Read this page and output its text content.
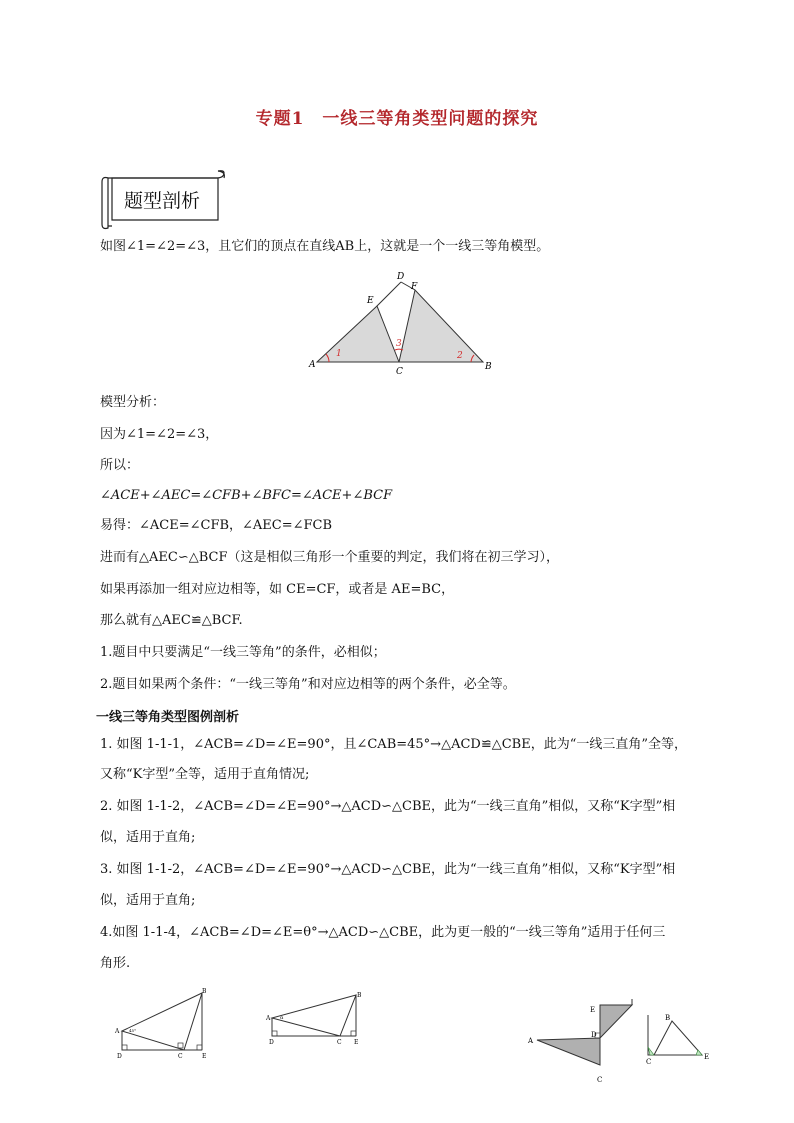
专题1　一线三等角类型问题的探究
题型剖析
如图∠1=∠2=∠3，且它们的顶点在直线AB上，这就是一个一线三等角模型。
A	B
C
D
E
F
1	2
3
模型分析：
因为∠1=∠2=∠3，
所以：
∠ACE+∠AEC=∠CFB+∠BFC=∠ACE+∠BCF
易得：∠ACE=∠CFB，∠AEC=∠FCB
进而有△AEC∽△BCF（这是相似三角形一个重要的判定，我们将在初三学习），
如果再添加一组对应边相等，如 CE=CF，或者是 AE=BC，
那么就有△AEC≌△BCF.
1.题目中只要满足“一线三等角”的条件，必相似；
2.题目如果两个条件：“一线三等角”和对应边相等的两个条件，必全等。
一线三等角类型图例剖析
1. 如图 1-1-1，∠ACB=∠D=∠E=90°，且∠CAB=45°→△ACD≌△CBE，此为“一线三直角”全等，
又称“K字型”全等，适用于直角情况;
2. 如图 1-1-2，∠ACB=∠D=∠E=90°→△ACD∽△CBE，此为“一线三直角”相似，又称“K字型”相
似，适用于直角;
3. 如图 1-1-2，∠ACB=∠D=∠E=90°→△ACD∽△CBE，此为“一线三直角”相似，又称“K字型”相
似，适用于直角;
4.如图 1-1-4，∠ACB=∠D=∠E=θ°→△ACD∽△CBE，此为更一般的“一线三等角”适用于任何三
角形.
A
B
C
D	E
45°
A
B
C
D	E
α
A
C
D
E
B
C
E
